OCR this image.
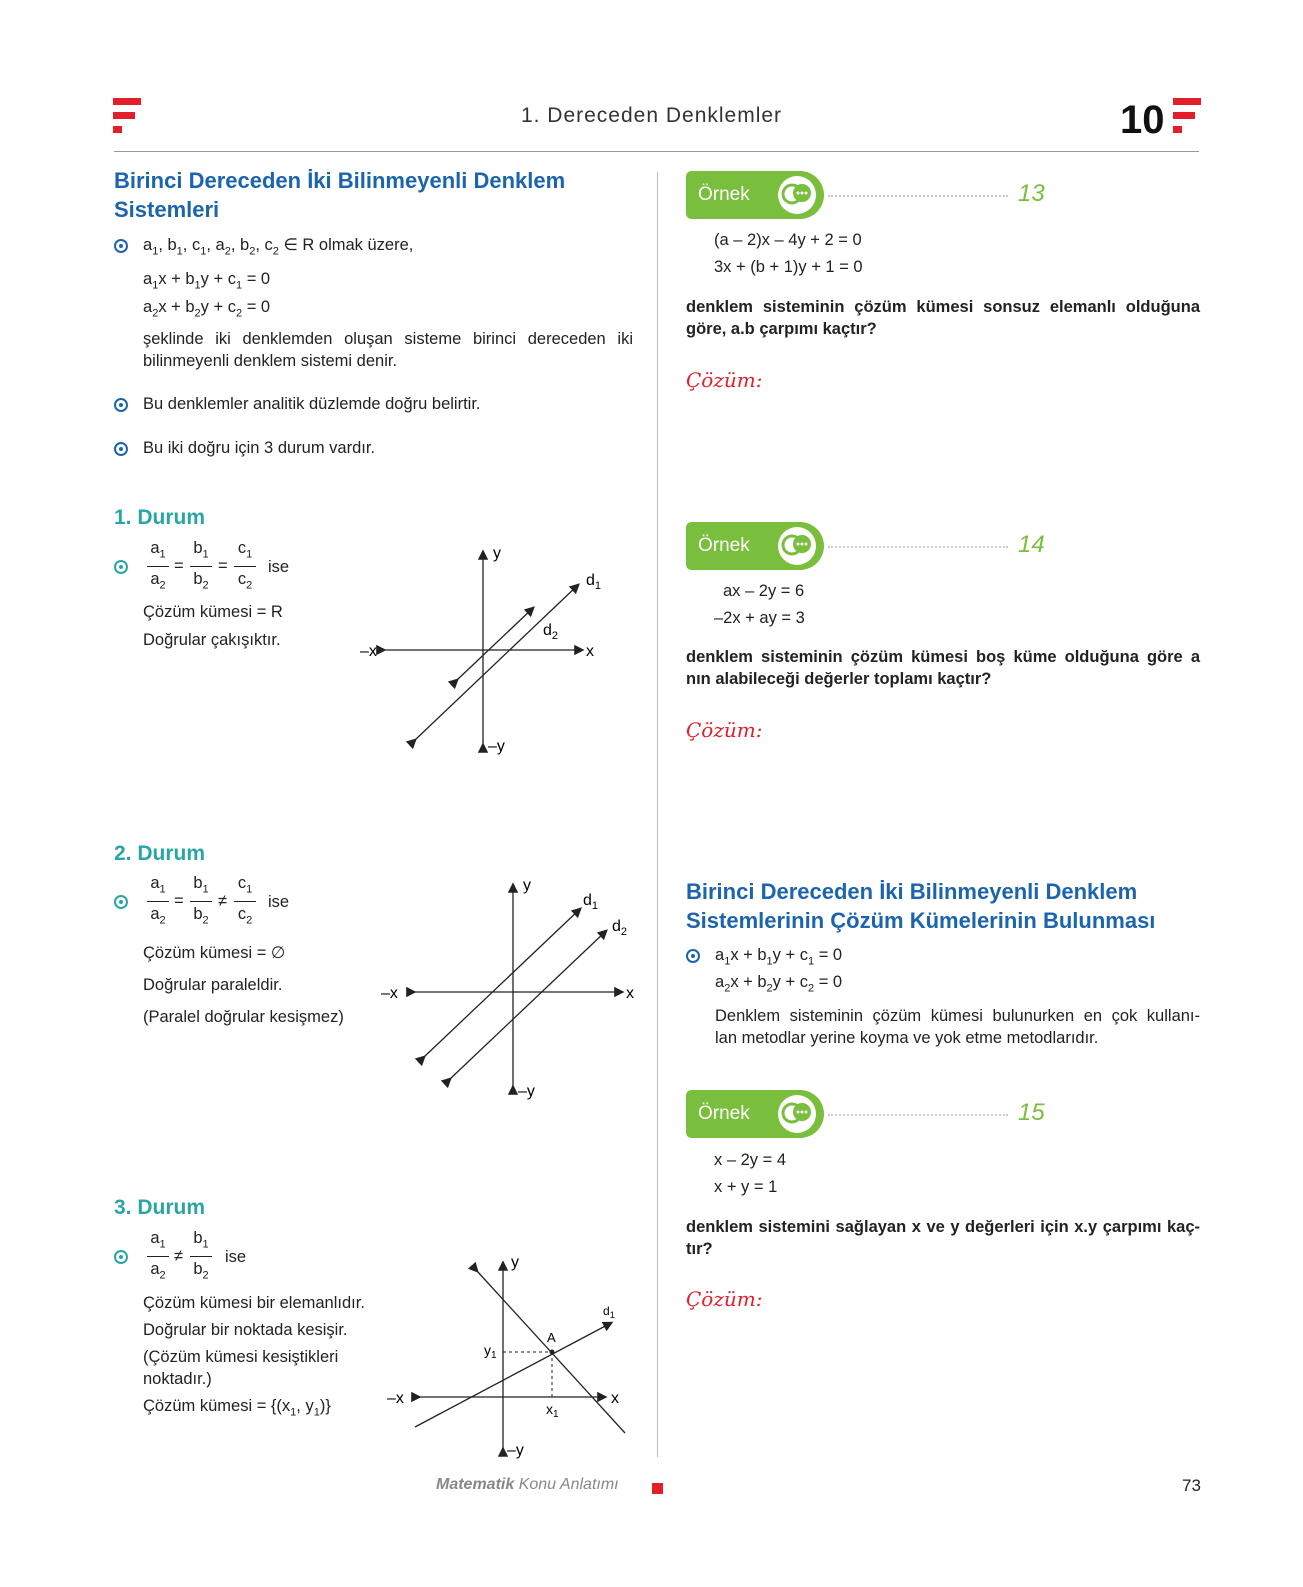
1. Dereceden Denklemler	10
Birinci Dereceden İki Bilinmeyenli Denklem
Sistemleri
$a_1$, $b_1$, $c_1$, $a_2$, $b_2$, $c_2$ ∈ R olmak üzere,
$a_1x + b_1y + c_1 = 0$
$a_2x + b_2y + c_2 = 0$
şeklinde iki denklemden oluşan sisteme birinci dereceden iki
bilinmeyenli denklem sistemi denir.
Bu denklemler analitik düzlemde doğru belirtir.
Bu iki doğru için 3 durum vardır.
1. Durum
$a_1$
$a_2$
=
$b_1$
$b_2$
=
$c_1$
$c_2$
ise
Çözüm kümesi = R
Doğrular çakışıktır.
y
–y
x
–x
$d_1$
$d_2$
2. Durum
$a_1$
$a_2$
=
$b_1$
$b_2$
≠
$c_1$
$c_2$
ise
Çözüm kümesi = ∅
Doğrular paraleldir.
(Paralel doğrular kesişmez)
y
–y
x
–x
$d_1$
$d_2$
3. Durum
$a_1$
$a_2$
≠
$b_1$
$b_2$
ise
Çözüm kümesi bir elemanlıdır.
Doğrular bir noktada kesişir.
(Çözüm kümesi kesiştikleri
noktadır.)
Çözüm kümesi = {($x_1$, $y_1$)}
y
–y
x
–x
$d_1$
A
$x_1$
$y_1$
Örnek	13
(a – 2)x – 4y + 2 = 0
3x + (b + 1)y + 1 = 0
denklem sisteminin çözüm kümesi sonsuz elemanlı olduğuna
göre, a.b çarpımı kaçtır?
Çözüm:
Örnek	14
ax – 2y = 6
–2x + ay = 3
denklem sisteminin çözüm kümesi boş küme olduğuna göre a
nın alabileceği değerler toplamı kaçtır?
Çözüm:
Birinci Dereceden İki Bilinmeyenli Denklem
Sistemlerinin Çözüm Kümelerinin Bulunması
$a_1x + b_1y + c_1 = 0$
$a_2x + b_2y + c_2 = 0$
Denklem sisteminin çözüm kümesi bulunurken en çok kullanı-
lan metodlar yerine koyma ve yok etme metodlarıdır.
Örnek	15
x – 2y = 4
x + y = 1
denklem sistemini sağlayan x ve y değerleri için x.y çarpımı kaç-
tır?
Çözüm:
Matematik Konu Anlatımı	73
